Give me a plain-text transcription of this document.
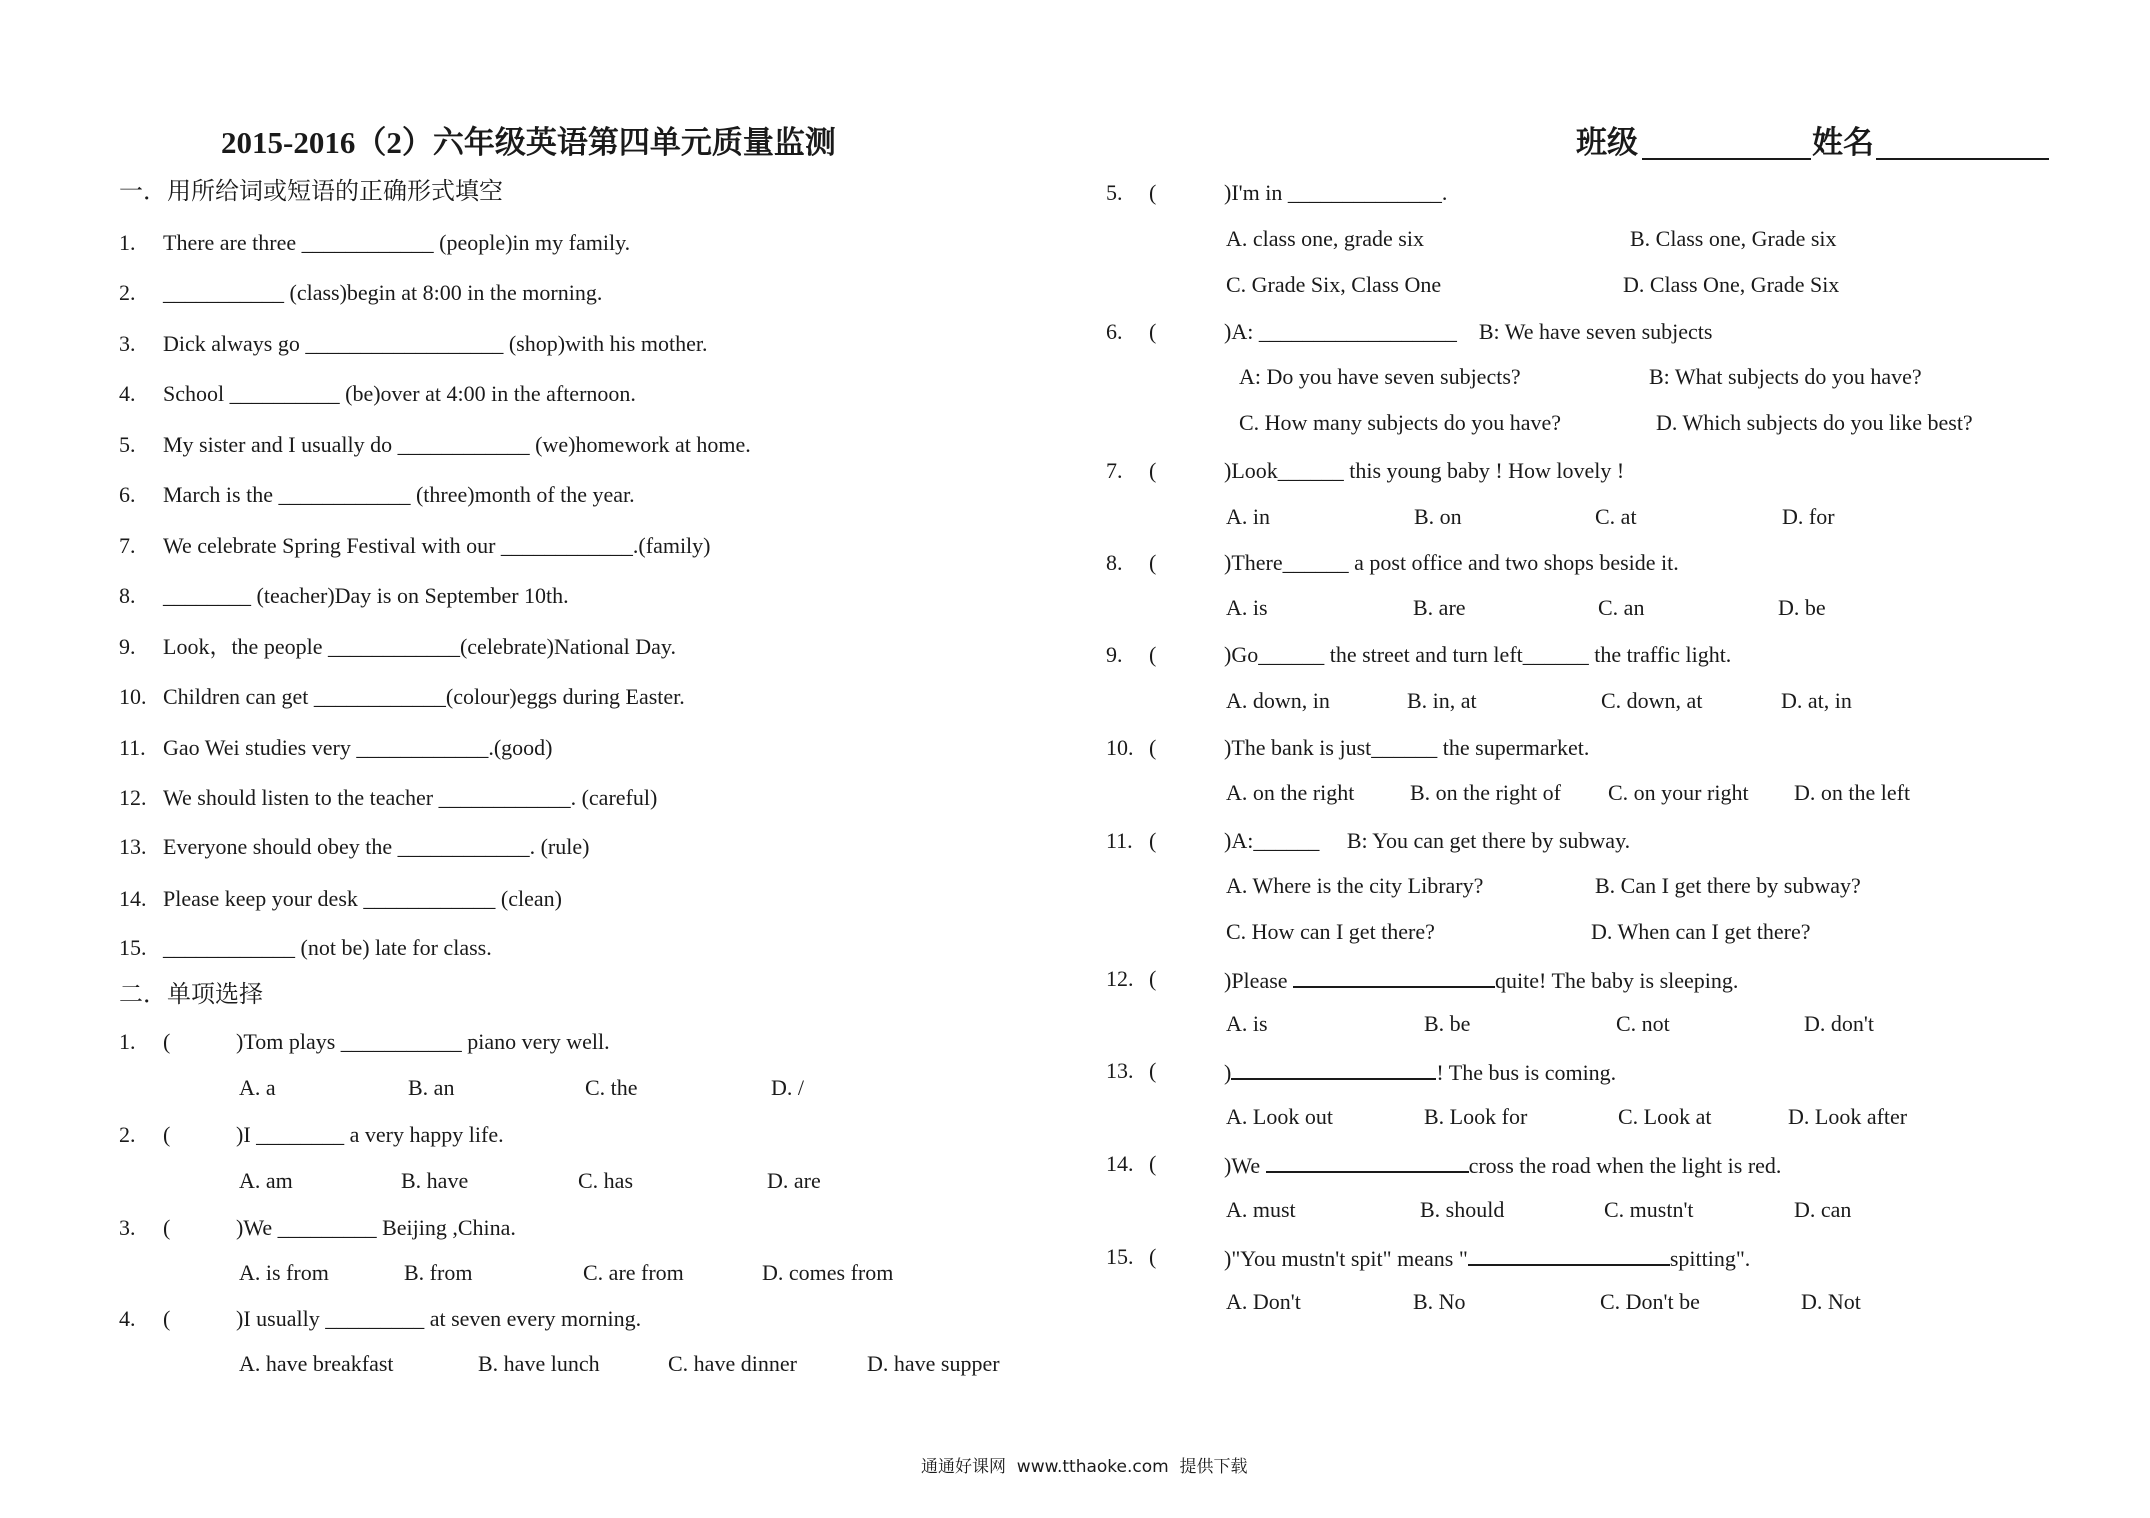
2015-2016（2）六年级英语第四单元质量监测	班级	姓名
一．用所给词或短语的正确形式填空
1. There are three ____________ (people)in my family.
2. ___________ (class)begin at 8:00 in the morning.
3. Dick always go __________________ (shop)with his mother.
4. School __________ (be)over at 4:00 in the afternoon.
5. My sister and I usually do ____________ (we)homework at home.
6. March is the ____________ (three)month of the year.
7. We celebrate Spring Festival with our ____________.(family)
8. ________ (teacher)Day is on September 10th.
9. Look，the people ____________(celebrate)National Day.
10. Children can get ____________(colour)eggs during Easter.
11. Gao Wei studies very ____________.(good)
12. We should listen to the teacher ____________. (careful)
13. Everyone should obey the ____________. (rule)
14. Please keep your desk ____________ (clean)
15. ____________ (not be) late for class.
二．单项选择
1. (	)Tom plays ___________ piano very well.
A. a	B. an	C. the	D. /
2. (	)I ________ a very happy life.
A. am	B. have	C. has	D. are
3. (	)We _________ Beijing ,China.
A. is from	B. from	C. are from	D. comes from
4. (	)I usually _________ at seven every morning.
A. have breakfast	B. have lunch	C. have dinner	D. have supper
5. (	)I'm in ______________.
A. class one, grade six	B. Class one, Grade six
C. Grade Six, Class One	D. Class One, Grade Six
6. (	)A: __________________    B: We have seven subjects
A: Do you have seven subjects?	B: What subjects do you have?
C. How many subjects do you have?	D. Which subjects do you like best?
7. (	)Look______ this young baby ! How lovely !
A. in	B. on	C. at	D. for
8. (	)There______ a post office and two shops beside it.
A. is	B. are	C. an	D. be
9. (	)Go______ the street and turn left______ the traffic light.
A. down, in	B. in, at	C. down, at	D. at, in
10. (	)The bank is just______ the supermarket.
A. on the right	B. on the right of C. on your right D. on the left
11. (	)A:______     B: You can get there by subway.
A. Where is the city Library?	B. Can I get there by subway?
C. How can I get there?	D. When can I get there?
12. (	)Please	quite! The baby is sleeping.
A. is	B. be	C. not	D. don't
13. (	)	! The bus is coming.
A. Look out	B. Look for	C. Look at	D. Look after
14. (	)We	cross the road when the light is red.
A. must	B. should	C. mustn't	D. can
15. (	)"You mustn't spit" means "	spitting".
A. Don't	B. No	C. Don't be	D. Not
通通好课网  www.tthaoke.com  提供下载
